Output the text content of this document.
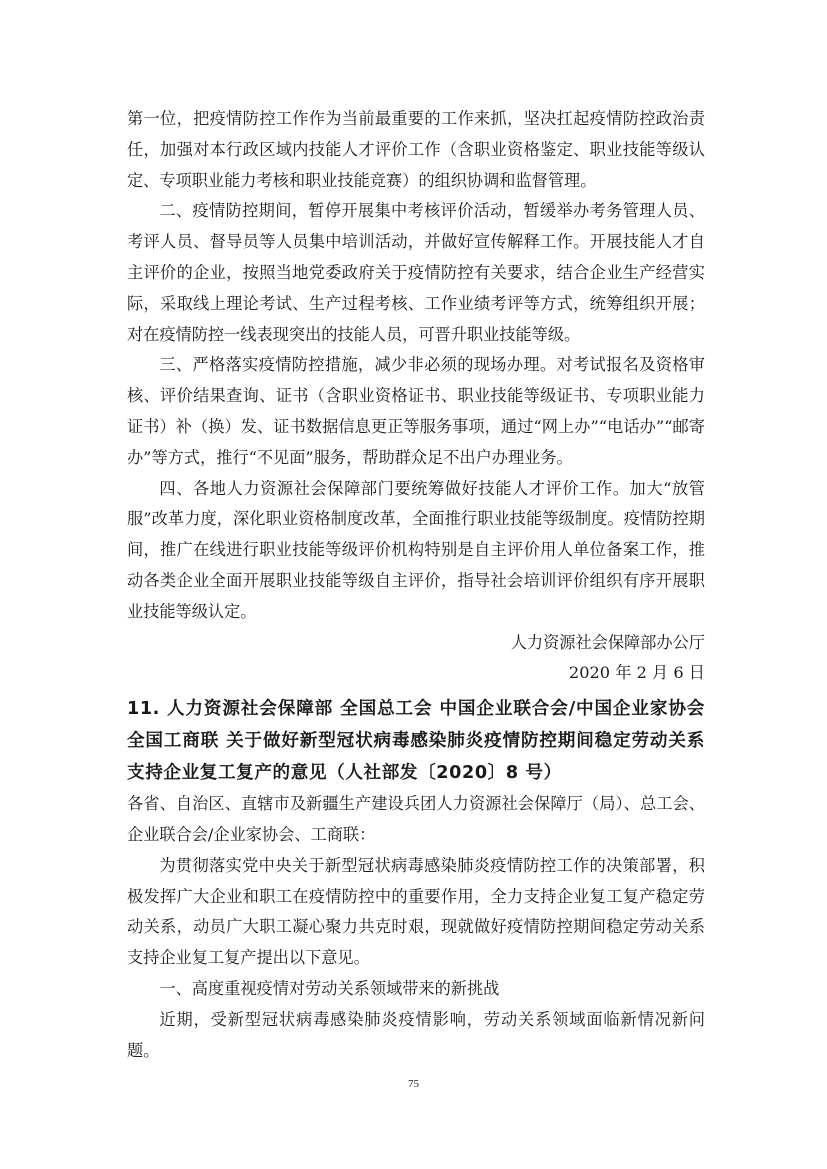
第一位，把疫情防控工作作为当前最重要的工作来抓，坚决扛起疫情防控政治责任，加强对本行政区域内技能人才评价工作（含职业资格鉴定、职业技能等级认定、专项职业能力考核和职业技能竞赛）的组织协调和监督管理。

二、疫情防控期间，暂停开展集中考核评价活动，暂缓举办考务管理人员、考评人员、督导员等人员集中培训活动，并做好宣传解释工作。开展技能人才自主评价的企业，按照当地党委政府关于疫情防控有关要求，结合企业生产经营实际，采取线上理论考试、生产过程考核、工作业绩考评等方式，统筹组织开展；对在疫情防控一线表现突出的技能人员，可晋升职业技能等级。

三、严格落实疫情防控措施，减少非必须的现场办理。对考试报名及资格审核、评价结果查询、证书（含职业资格证书、职业技能等级证书、专项职业能力证书）补（换）发、证书数据信息更正等服务事项，通过“网上办”“电话办”“邮寄办”等方式，推行“不见面”服务，帮助群众足不出户办理业务。

四、各地人力资源社会保障部门要统筹做好技能人才评价工作。加大“放管服”改革力度，深化职业资格制度改革，全面推行职业技能等级制度。疫情防控期间，推广在线进行职业技能等级评价机构特别是自主评价用人单位备案工作，推动各类企业全面开展职业技能等级自主评价，指导社会培训评价组织有序开展职业技能等级认定。

人力资源社会保障部办公厅

2020 年 2 月 6 日

11. 人力资源社会保障部 全国总工会 中国企业联合会/中国企业家协会 全国工商联 关于做好新型冠状病毒感染肺炎疫情防控期间稳定劳动关系支持企业复工复产的意见（人社部发〔2020〕8 号）

各省、自治区、直辖市及新疆生产建设兵团人力资源社会保障厅（局）、总工会、企业联合会/企业家协会、工商联：

为贯彻落实党中央关于新型冠状病毒感染肺炎疫情防控工作的决策部署，积极发挥广大企业和职工在疫情防控中的重要作用，全力支持企业复工复产稳定劳动关系，动员广大职工凝心聚力共克时艰，现就做好疫情防控期间稳定劳动关系支持企业复工复产提出以下意见。

一、高度重视疫情对劳动关系领域带来的新挑战

近期，受新型冠状病毒感染肺炎疫情影响，劳动关系领域面临新情况新问题。

75
